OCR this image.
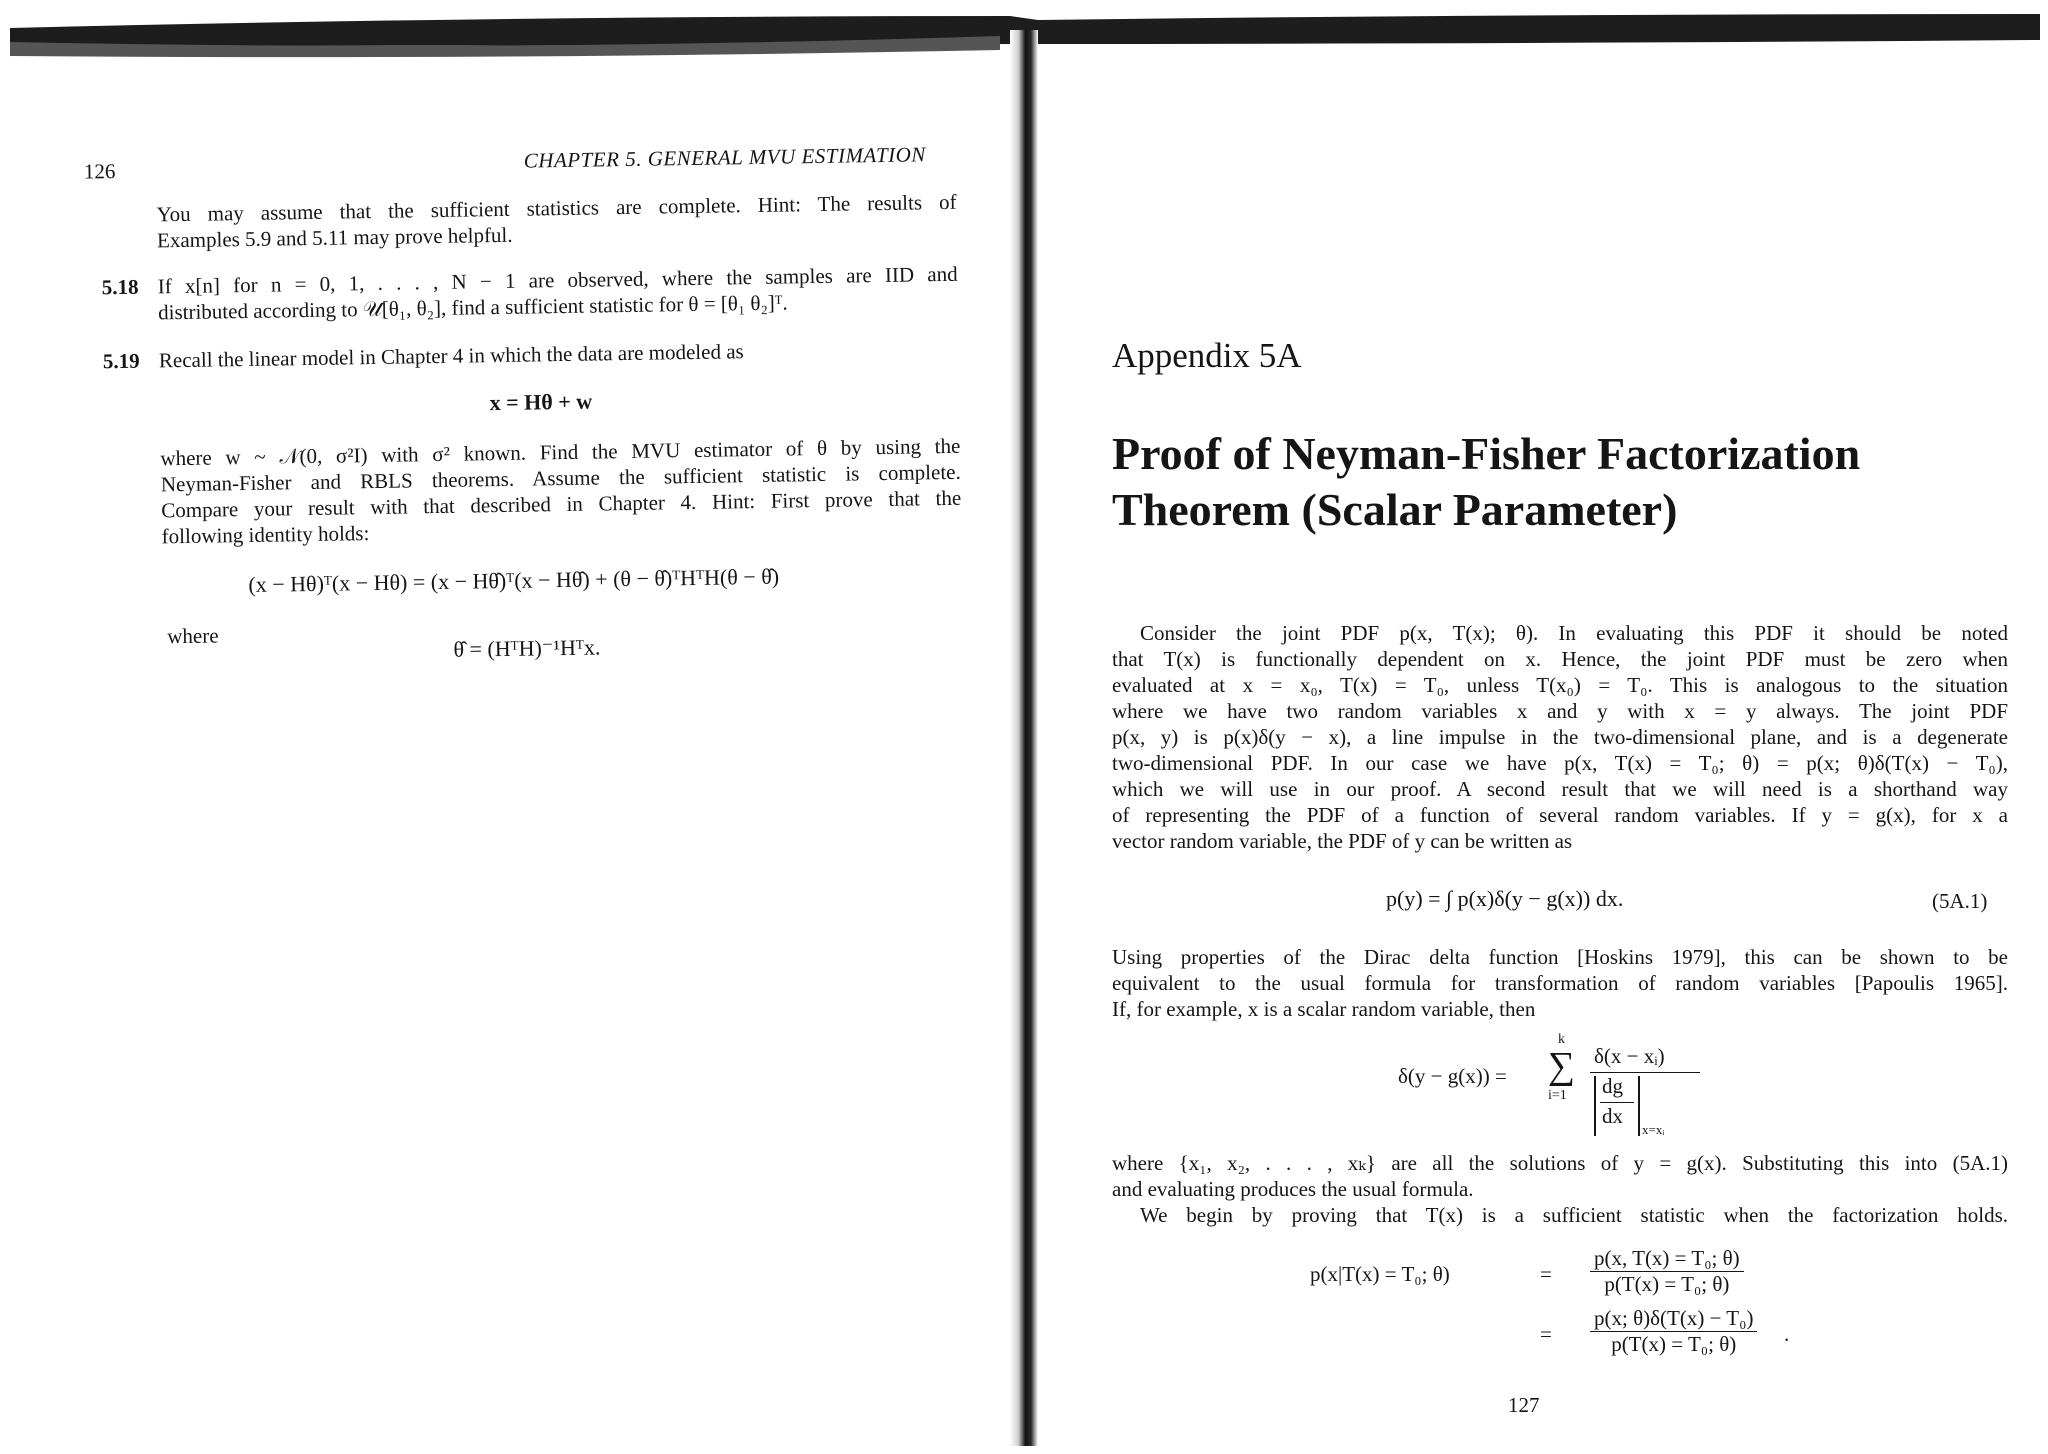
126	CHAPTER 5. GENERAL MVU ESTIMATION
You may assume that the sufficient statistics are complete. Hint: The results of
Examples 5.9 and 5.11 may prove helpful.
5.18 If x[n] for n = 0, 1, . . . , N − 1 are observed, where the samples are IID and
distributed according to 𝒰[θ₁, θ₂], find a sufficient statistic for θ = [θ₁ θ₂]ᵀ.
5.19 Recall the linear model in Chapter 4 in which the data are modeled as
x = Hθ + w
where w ~ 𝒩(0, σ²I) with σ² known. Find the MVU estimator of θ by using the
Neyman-Fisher and RBLS theorems. Assume the sufficient statistic is complete.
Compare your result with that described in Chapter 4. Hint: First prove that the
following identity holds:
(x − Hθ)ᵀ(x − Hθ) = (x − Hθ̂)ᵀ(x − Hθ̂) + (θ − θ̂)ᵀHᵀH(θ − θ̂)
where	θ̂ = (HᵀH)⁻¹Hᵀx.
Appendix 5A
Proof of Neyman-Fisher Factorization
Theorem (Scalar Parameter)
Consider the joint PDF p(x, T(x); θ). In evaluating this PDF it should be noted
that T(x) is functionally dependent on x. Hence, the joint PDF must be zero when
evaluated at x = x₀, T(x) = T₀, unless T(x₀) = T₀. This is analogous to the situation
where we have two random variables x and y with x = y always. The joint PDF
p(x, y) is p(x)δ(y − x), a line impulse in the two-dimensional plane, and is a degenerate
two-dimensional PDF. In our case we have p(x, T(x) = T₀; θ) = p(x; θ)δ(T(x) − T₀),
which we will use in our proof. A second result that we will need is a shorthand way
of representing the PDF of a function of several random variables. If y = g(x), for x a
vector random variable, the PDF of y can be written as
p(y) = ∫ p(x)δ(y − g(x)) dx.	(5A.1)
Using properties of the Dirac delta function [Hoskins 1979], this can be shown to be
equivalent to the usual formula for transformation of random variables [Papoulis 1965].
If, for example, x is a scalar random variable, then
δ(y − g(x)) =
k
∑
i=1
δ(x − xᵢ)
dg
dx
x=xᵢ
where {x₁, x₂, . . . , xₖ} are all the solutions of y = g(x). Substituting this into (5A.1)
and evaluating produces the usual formula.
We begin by proving that T(x) is a sufficient statistic when the factorization holds.
p(x|T(x) = T₀; θ)	= $\frac{\text{p(x, T(x) = T₀; θ)}}{\text{p(T(x) = T₀; θ)}}$
= $\frac{\text{p(x; θ)δ(T(x) − T₀)}}{\text{p(T(x) = T₀; θ)}}$ .
127
